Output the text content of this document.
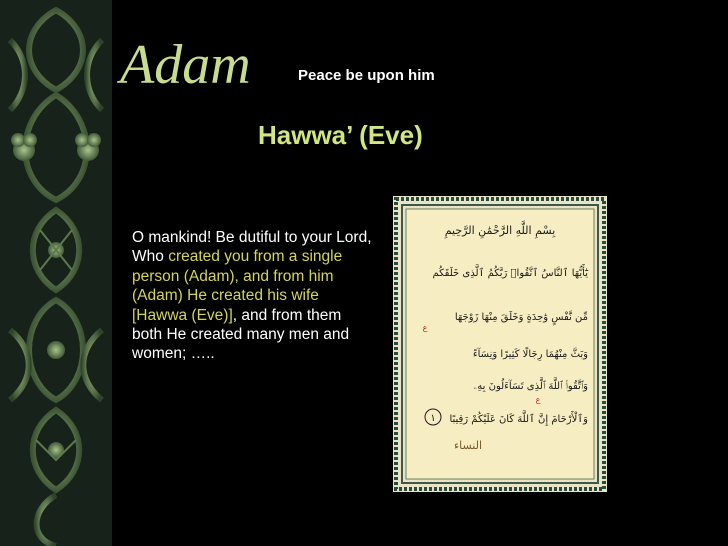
Adam	Peace be upon him
Hawwa’ (Eve)
O mankind! Be dutiful to your Lord, Who created you from a single person (Adam), and from him (Adam) He created his wife [Hawwa (Eve)], and from them both He created many men and women; …..
بِسْمِ اللَّهِ الرَّحْمَٰنِ الرَّحِيمِ
يَٰٓأَيُّهَا ٱلنَّاسُ ٱتَّقُوا۟ رَبَّكُمُ ٱلَّذِى خَلَقَكُم
مِّن نَّفْسٍ وَٰحِدَةٍ وَخَلَقَ مِنْهَا زَوْجَهَا
وَبَثَّ مِنْهُمَا رِجَالًا كَثِيرًا وَنِسَآءً
وَٱتَّقُوا۟ ٱللَّهَ ٱلَّذِى تَسَآءَلُونَ بِهِۦ
وَٱلْأَرْحَامَ إِنَّ ٱللَّهَ كَانَ عَلَيْكُمْ رَقِيبًا
١
ع
ع
النساء
